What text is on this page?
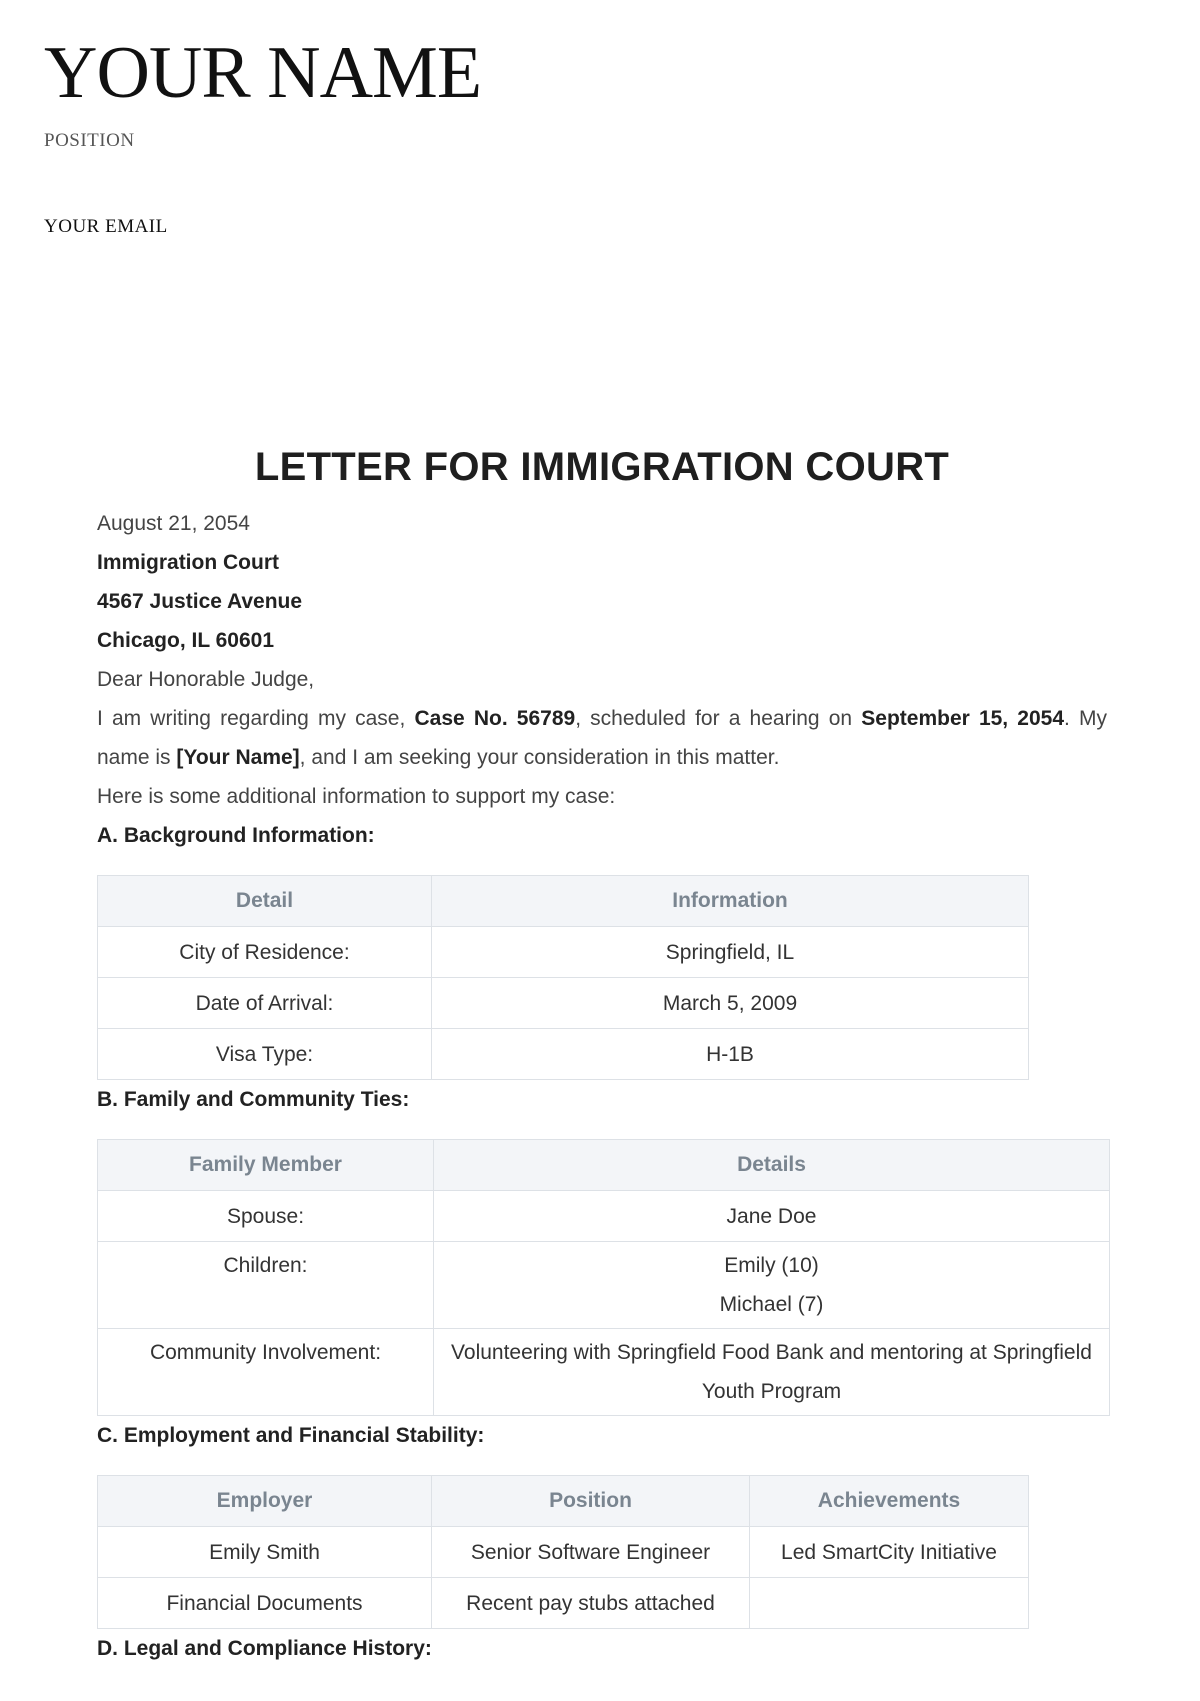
YOUR NAME
POSITION
YOUR EMAIL
LETTER FOR IMMIGRATION COURT
August 21, 2054
Immigration Court
4567 Justice Avenue
Chicago, IL 60601
Dear Honorable Judge,
I am writing regarding my case, Case No. 56789, scheduled for a hearing on September 15, 2054. My name is [Your Name], and I am seeking your consideration in this matter.
Here is some additional information to support my case:
A. Background Information:
Detail	Information
City of Residence:	Springfield, IL
Date of Arrival:	March 5, 2009
Visa Type:	H-1B
B. Family and Community Ties:
Family Member	Details
Spouse:	Jane Doe
Children:	Emily (10)
Michael (7)

Community Involvement:	Volunteering with Springfield Food Bank and mentoring at Springfield Youth Program
C. Employment and Financial Stability:
Employer	Position	Achievements
Emily Smith	Senior Software Engineer	Led SmartCity Initiative
Financial Documents	Recent pay stubs attached	
D. Legal and Compliance History:
